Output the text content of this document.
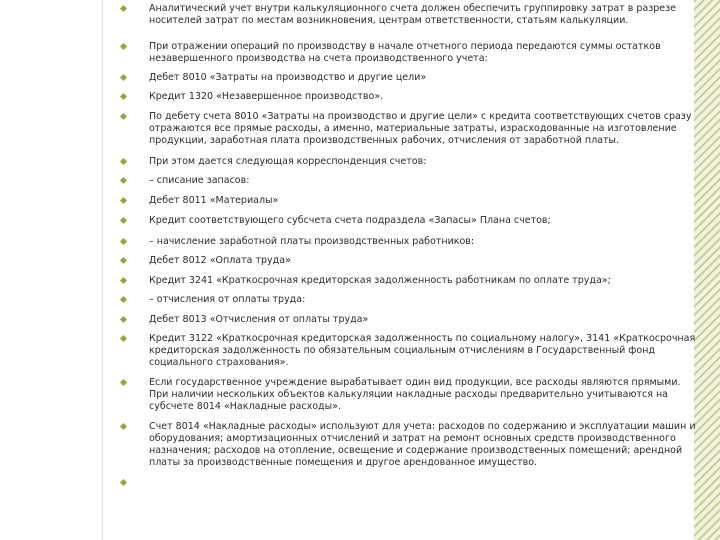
Аналитический учет внутри калькуляционного счета должен обеспечить группировку затрат в разрезе носителей затрат по местам возникновения, центрам ответственности, статьям калькуляции.
При отражении операций по производству в начале отчетного периода передаются суммы остатков незавершенного производства на счета производственного учета:
Дебет 8010 «Затраты на производство и другие цели»
Кредит 1320 «Незавершенное производство».
По дебету счета 8010 «Затраты на производство и другие цели» с кредита соответствующих счетов сразу отражаются все прямые расходы, а именно, материальные затраты, израсходованные на изготовление продукции, заработная плата производственных рабочих, отчисления от заработной платы.
При этом дается следующая корреспонденция счетов:
– списание запасов:
Дебет 8011 «Материалы»
Кредит соответствующего субсчета счета подраздела «Запасы» Плана счетов;
– начисление заработной платы производственных работников:
Дебет 8012 «Оплата труда»
Кредит 3241 «Краткосрочная кредиторская задолженность работникам по оплате труда»;
– отчисления от оплаты труда:
Дебет 8013 «Отчисления от оплаты труда»
Кредит 3122 «Краткосрочная кредиторская задолженность по социальному налогу», 3141 «Краткосрочная кредиторская задолженность по обязательным социальным отчислениям в Государственный фонд социального страхования».
Если государственное учреждение вырабатывает один вид продукции, все расходы являются прямыми. При наличии нескольких объектов калькуляции накладные расходы предварительно учитываются на субсчете 8014 «Накладные расходы».
Счет 8014 «Накладные расходы» используют для учета: расходов по содержанию и эксплуатации машин и оборудования; амортизационных отчислений и затрат на ремонт основных средств производственного назначения; расходов на отопление, освещение и содержание производственных помещений; арендной платы за производственные помещения и другое арендованное имущество.
